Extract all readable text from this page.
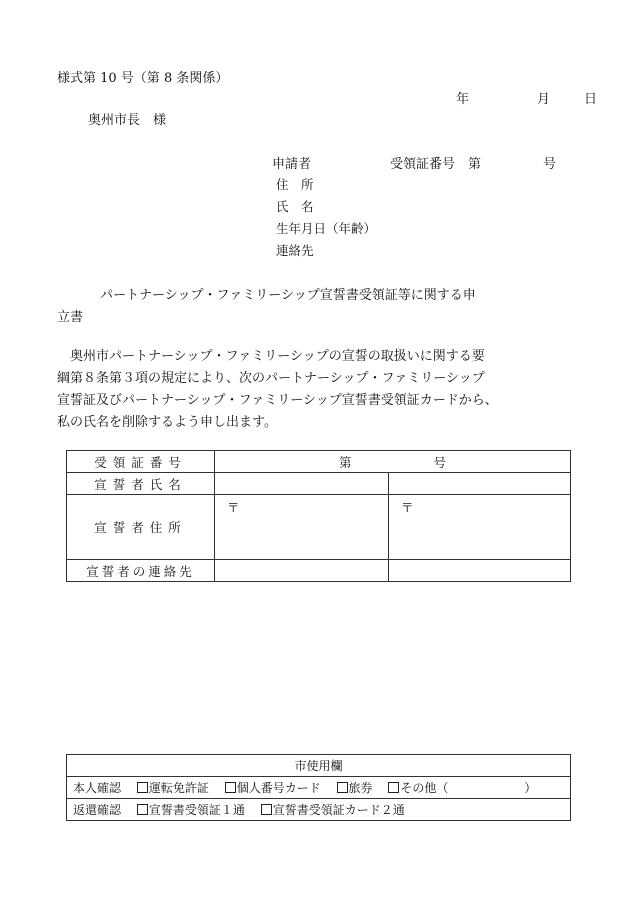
様式第 10 号（第 8 条関係）
年	月	日
奥州市長　様
申請者	受領証番号　第	号
住　所
氏　名
生年月日（年齢）
連絡先
パートナーシップ・ファミリーシップ宣誓書受領証等に関する申
立書
　奥州市パートナーシップ・ファミリーシップの宣誓の取扱いに関する要
綱第８条第３項の規定により、次のパートナーシップ・ファミリーシップ
宣誓証及びパートナーシップ・ファミリーシップ宣誓書受領証カードから、
私の氏名を削除するよう申し出ます。
受領証番号	第 号	
宣誓者氏名		
宣誓者住所	〒	〒
宣誓者の連絡先		
市使用欄
本人確認 運転免許証 個人番号カード 旅券 その他（	）
返還確認 宣誓書受領証１通 宣誓書受領証カード２通
